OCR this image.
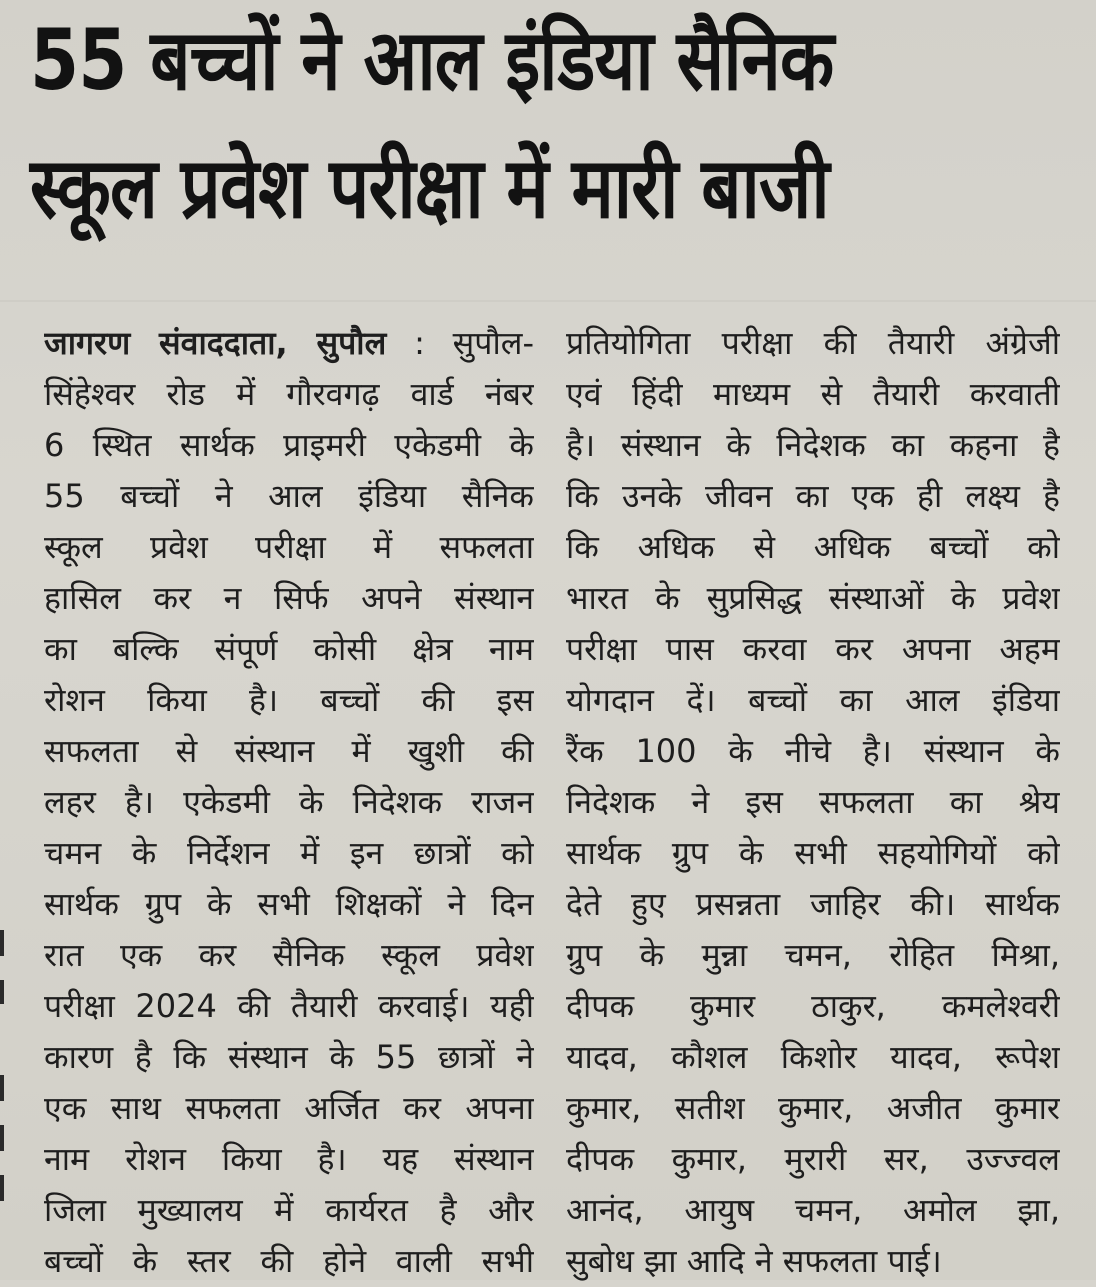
55 बच्चों ने आल इंडिया सैनिक
स्कूल प्रवेश परीक्षा में मारी बाजी
जागरण संवाददाता, सुपौल : सुपौल-
सिंहेश्वर रोड में गौरवगढ़ वार्ड नंबर
6 स्थित सार्थक प्राइमरी एकेडमी के
55 बच्चों ने आल इंडिया सैनिक
स्कूल प्रवेश परीक्षा में सफलता
हासिल कर न सिर्फ अपने संस्थान
का बल्कि संपूर्ण कोसी क्षेत्र नाम
रोशन किया है। बच्चों की इस
सफलता से संस्थान में खुशी की
लहर है। एकेडमी के निदेशक राजन
चमन के निर्देशन में इन छात्रों को
सार्थक ग्रुप के सभी शिक्षकों ने दिन
रात एक कर सैनिक स्कूल प्रवेश
परीक्षा 2024 की तैयारी करवाई। यही
कारण है कि संस्थान के 55 छात्रों ने
एक साथ सफलता अर्जित कर अपना
नाम रोशन किया है। यह संस्थान
जिला मुख्यालय में कार्यरत है और
बच्चों के स्तर की होने वाली सभी
प्रतियोगिता परीक्षा की तैयारी अंग्रेजी
एवं हिंदी माध्यम से तैयारी करवाती
है। संस्थान के निदेशक का कहना है
कि उनके जीवन का एक ही लक्ष्य है
कि अधिक से अधिक बच्चों को
भारत के सुप्रसिद्ध संस्थाओं के प्रवेश
परीक्षा पास करवा कर अपना अहम
योगदान दें। बच्चों का आल इंडिया
रैंक 100 के नीचे है। संस्थान के
निदेशक ने इस सफलता का श्रेय
सार्थक ग्रुप के सभी सहयोगियों को
देते हुए प्रसन्नता जाहिर की। सार्थक
ग्रुप के मुन्ना चमन, रोहित मिश्रा,
दीपक कुमार ठाकुर, कमलेश्वरी
यादव, कौशल किशोर यादव, रूपेश
कुमार, सतीश कुमार, अजीत कुमार
दीपक कुमार, मुरारी सर, उज्ज्वल
आनंद, आयुष चमन, अमोल झा,
सुबोध झा आदि ने सफलता पाई।
